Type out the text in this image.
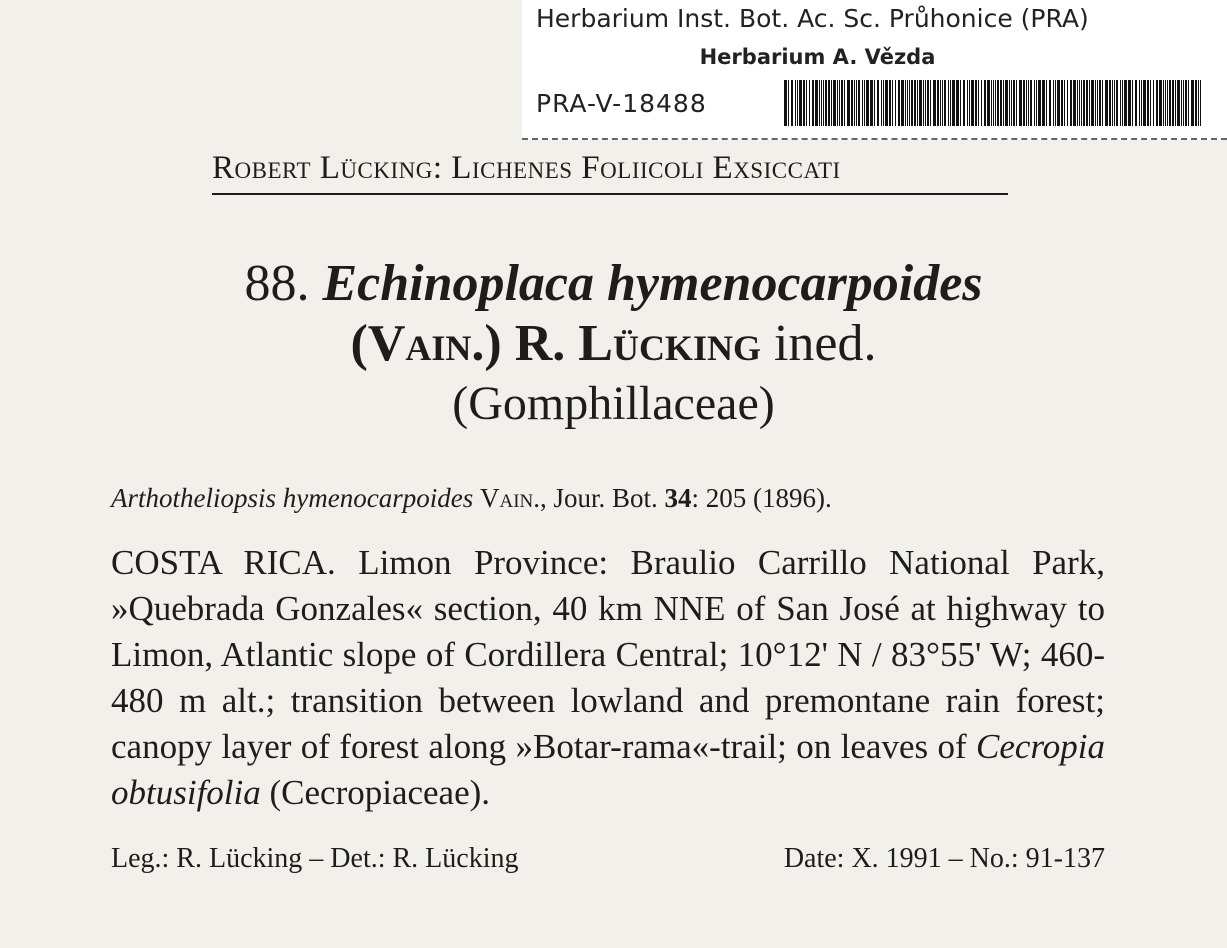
Herbarium Inst. Bot. Ac. Sc. Průhonice (PRA)
Herbarium A. Vězda
PRA-V-18488
Robert Lücking: Lichenes Foliicoli Exsiccati
88. Echinoplaca hymenocarpoides
(Vain.) R. Lücking ined.
(Gomphillaceae)
Arthotheliopsis hymenocarpoides Vain., Jour. Bot. 34: 205 (1896).
COSTA RICA. Limon Province: Braulio Carrillo National Park, »Quebrada Gonzales« section, 40 km NNE of San José at highway to Limon, Atlantic slope of Cordillera Central; 10°12' N / 83°55' W; 460-480 m alt.; transition between lowland and premontane rain forest; canopy layer of forest along »Botar-rama«-trail; on leaves of Cecropia obtusifolia (Cecropiaceae).
Leg.: R. Lücking – Det.: R. Lücking	Date: X. 1991 – No.: 91-137
